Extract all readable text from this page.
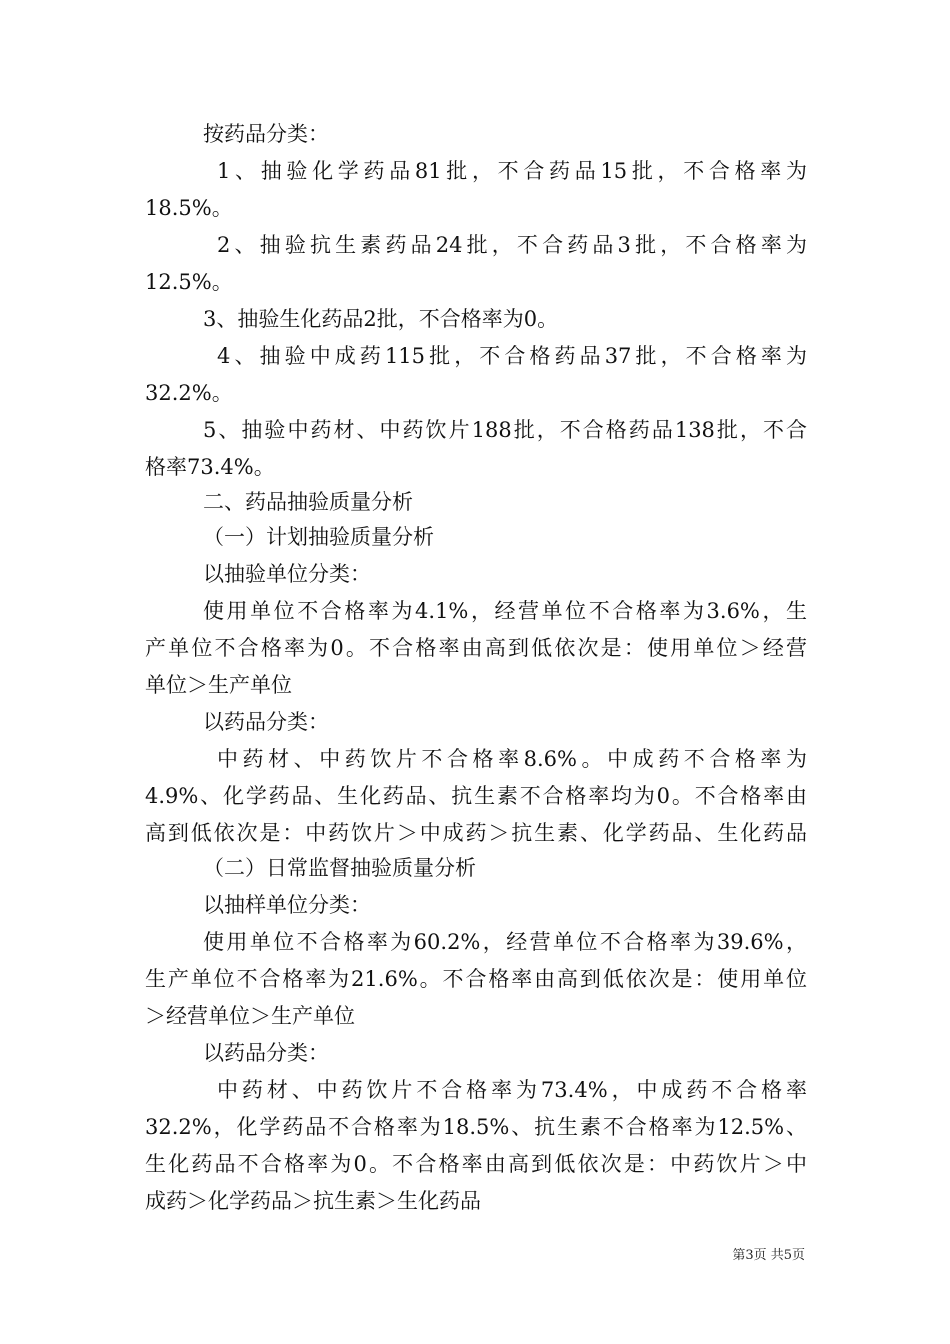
按药品分类：
1、抽验化学药品81批，不合药品15批，不合格率为
18.5%。
2、抽验抗生素药品24批，不合药品3批，不合格率为
12.5%。
3、抽验生化药品2批，不合格率为0。
4、抽验中成药115批，不合格药品37批，不合格率为
32.2%。
5、抽验中药材、中药饮片188批，不合格药品138批，不合
格率73.4%。
二、药品抽验质量分析
（一）计划抽验质量分析
以抽验单位分类：
使用单位不合格率为4.1%，经营单位不合格率为3.6%，生
产单位不合格率为0。不合格率由高到低依次是：使用单位＞经营
单位＞生产单位
以药品分类：
中药材、中药饮片不合格率8.6%。中成药不合格率为
4.9%、化学药品、生化药品、抗生素不合格率均为0。不合格率由
高到低依次是：中药饮片＞中成药＞抗生素、化学药品、生化药品
（二）日常监督抽验质量分析
以抽样单位分类：
使用单位不合格率为60.2%，经营单位不合格率为39.6%，
生产单位不合格率为21.6%。不合格率由高到低依次是：使用单位
＞经营单位＞生产单位
以药品分类：
中药材、中药饮片不合格率为73.4%，中成药不合格率
32.2%，化学药品不合格率为18.5%、抗生素不合格率为12.5%、
生化药品不合格率为0。不合格率由高到低依次是：中药饮片＞中
成药＞化学药品＞抗生素＞生化药品
第3页 共5页
